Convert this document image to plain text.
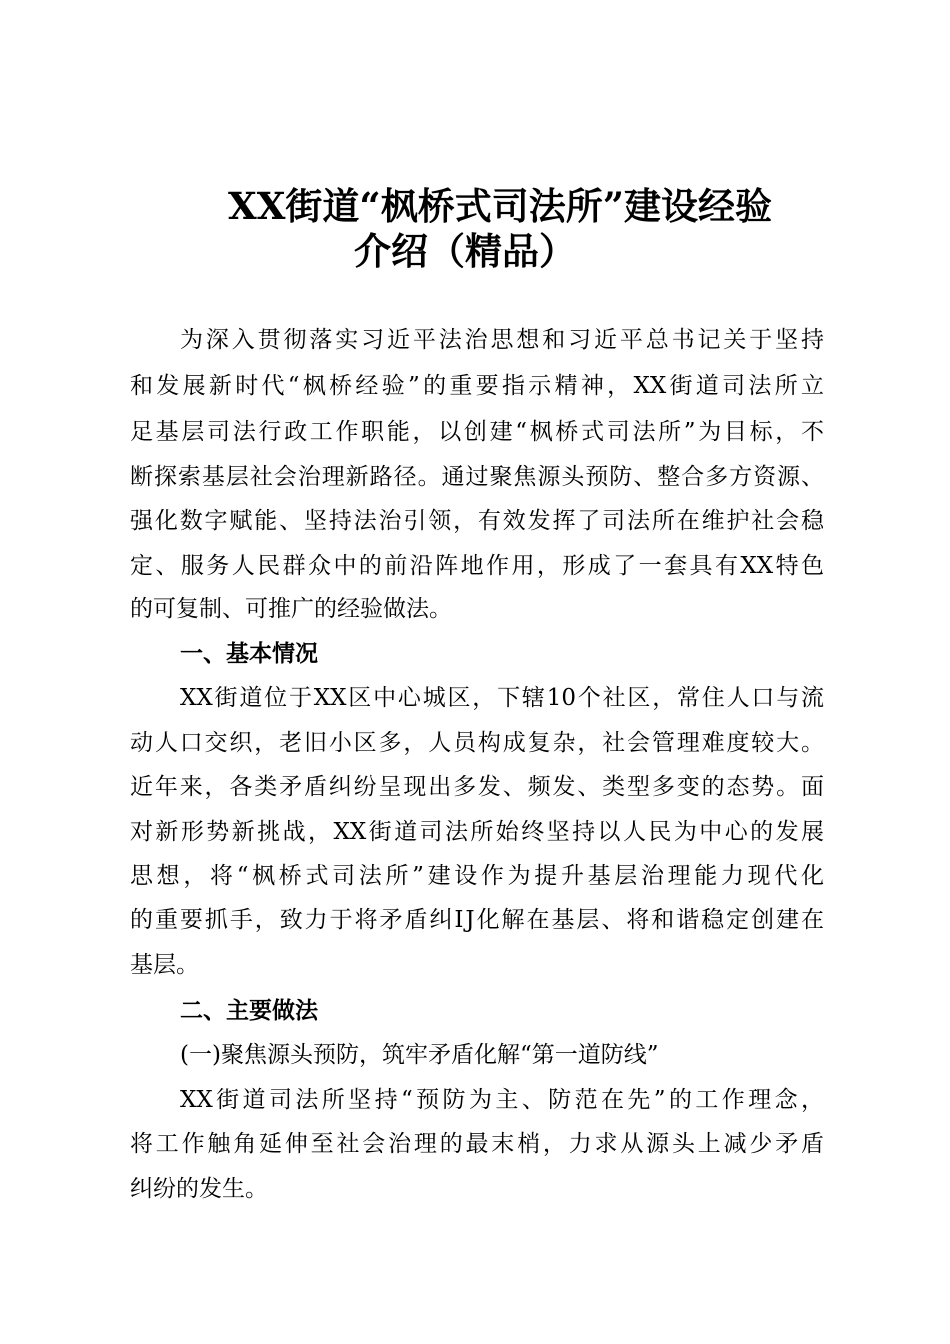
XX街道“枫桥式司法所”建设经验
介绍（精品）
为深入贯彻落实习近平法治思想和习近平总书记关于坚持
和发展新时代“枫桥经验”的重要指示精神，XX街道司法所立
足基层司法行政工作职能，以创建“枫桥式司法所”为目标，不
断探索基层社会治理新路径。通过聚焦源头预防、整合多方资源、
强化数字赋能、坚持法治引领，有效发挥了司法所在维护社会稳
定、服务人民群众中的前沿阵地作用，形成了一套具有XX特色
的可复制、可推广的经验做法。
一、基本情况
XX街道位于XX区中心城区，下辖10个社区，常住人口与流
动人口交织，老旧小区多，人员构成复杂，社会管理难度较大。
近年来，各类矛盾纠纷呈现出多发、频发、类型多变的态势。面
对新形势新挑战，XX街道司法所始终坚持以人民为中心的发展
思想，将“枫桥式司法所”建设作为提升基层治理能力现代化
的重要抓手，致力于将矛盾纠ⅠJ化解在基层、将和谐稳定创建在
基层。
二、主要做法
(一)聚焦源头预防，筑牢矛盾化解“第一道防线”
XX街道司法所坚持“预防为主、防范在先”的工作理念，
将工作触角延伸至社会治理的最末梢，力求从源头上减少矛盾
纠纷的发生。
